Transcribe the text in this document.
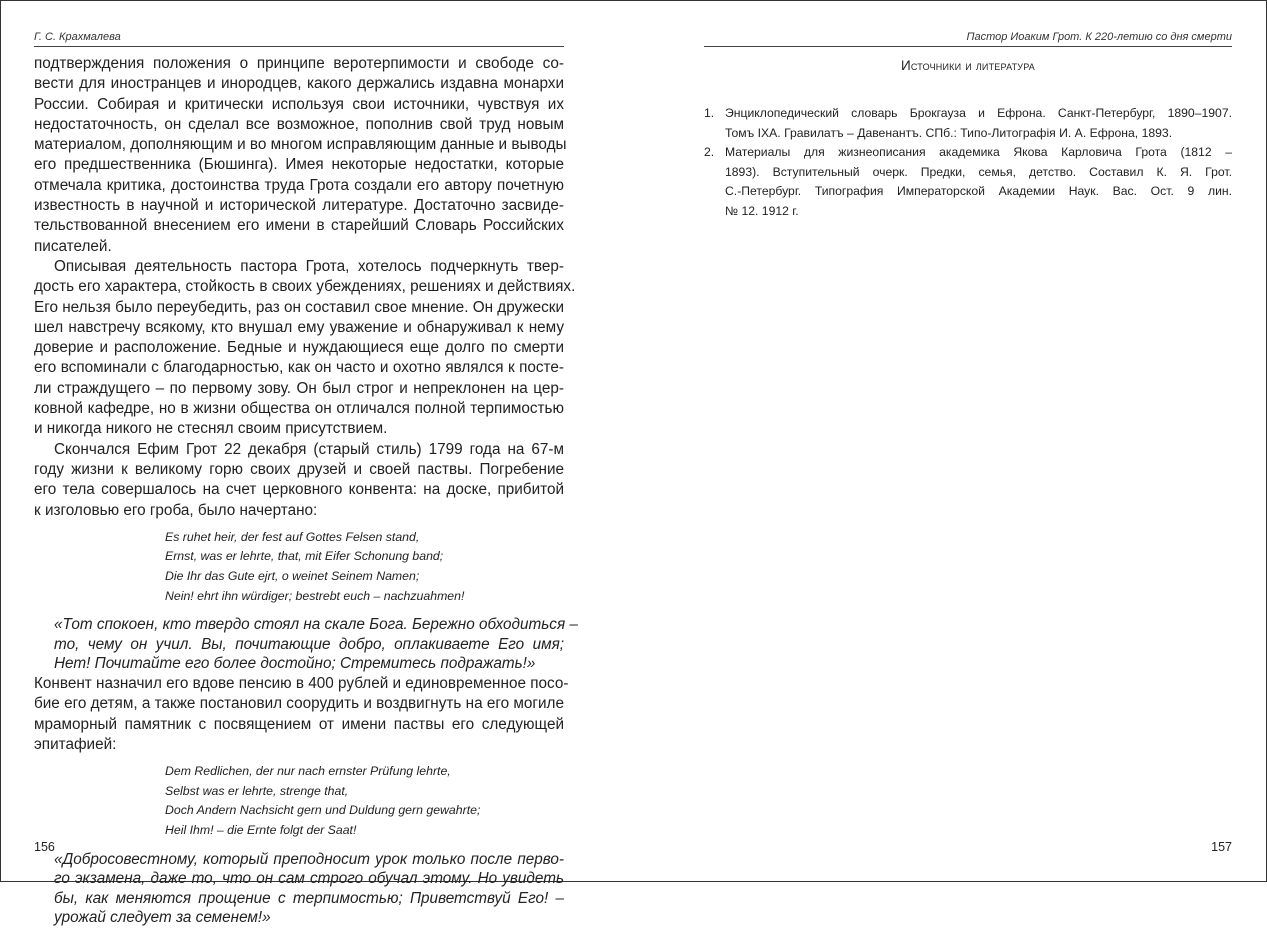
Г. С. Крахмалева
подтверждения положения о принципе веротерпимости и свободе со-
вести для иностранцев и инородцев, какого держались издавна монархи
России. Собирая и критически используя свои источники, чувствуя их
недостаточность, он сделал все возможное, пополнив свой труд новым
материалом, дополняющим и во многом исправляющим данные и выводы
его предшественника (Бюшинга). Имея некоторые недостатки, которые
отмечала критика, достоинства труда Грота создали его автору почетную
известность в научной и исторической литературе. Достаточно засвиде-
тельствованной внесением его имени в старейший Словарь Российских
писателей.
Описывая деятельность пастора Грота, хотелось подчеркнуть твер-
дость его характера, стойкость в своих убеждениях, решениях и действиях.
Его нельзя было переубедить, раз он составил свое мнение. Он дружески
шел навстречу всякому, кто внушал ему уважение и обнаруживал к нему
доверие и расположение. Бедные и нуждающиеся еще долго по смерти
его вспоминали с благодарностью, как он часто и охотно являлся к посте-
ли страждущего – по первому зову. Он был строг и непреклонен на цер-
ковной кафедре, но в жизни общества он отличался полной терпимостью
и никогда никого не стеснял своим присутствием.
Скончался Ефим Грот 22 декабря (старый стиль) 1799 года на 67-м
году жизни к великому горю своих друзей и своей паствы. Погребение
его тела совершалось на счет церковного конвента: на доске, прибитой
к изголовью его гроба, было начертано:
Es ruhet heir, der fest auf Gottes Felsen stand,
Ernst, was er lehrte, that, mit Eifer Schonung band;
Die Ihr das Gute ejrt, o weinet Seinem Namen;
Nein! ehrt ihn würdiger; bestrebt euch – nachzuahmen!
«Тот спокоен, кто твердо стоял на скале Бога. Бережно обходиться –
то, чему он учил. Вы, почитающие добро, оплакиваете Его имя;
Нет! Почитайте его более достойно; Стремитесь подражать!»
Конвент назначил его вдове пенсию в 400 рублей и единовременное посо-
бие его детям, а также постановил соорудить и воздвигнуть на его могиле
мраморный памятник с посвящением от имени паствы его следующей
эпитафией:
Dem Redlichen, der nur nach ernster Prüfung lehrte,
Selbst was er lehrte, strenge that,
Doch Andern Nachsicht gern und Duldung gern gewahrte;
Heil Ihm! – die Ernte folgt der Saat!
«Добросовестному, который преподносит урок только после перво-
го экзамена, даже то, что он сам строго обучал этому. Но увидеть
бы, как меняются прощение с терпимостью; Приветствуй Его! –
урожай следует за семенем!»
156
Пастор Иоаким Грот. К 220-летию со дня смерти
Источники и литература
1. Энциклопедический словарь Брокгауза и Ефрона. Санкт-Петербург, 1890–1907.
Томъ IXA. Гравилатъ – Давенантъ. СПб.: Типо-Литографія И. А. Ефрона, 1893.
2. Материалы для жизнеописания академика Якова Карловича Грота (1812 –
1893). Вступительный очерк. Предки, семья, детство. Составил К. Я. Грот.
С.-Петербург. Типография Императорской Академии Наук. Вас. Ост. 9 лин.
№ 12. 1912 г.
157
